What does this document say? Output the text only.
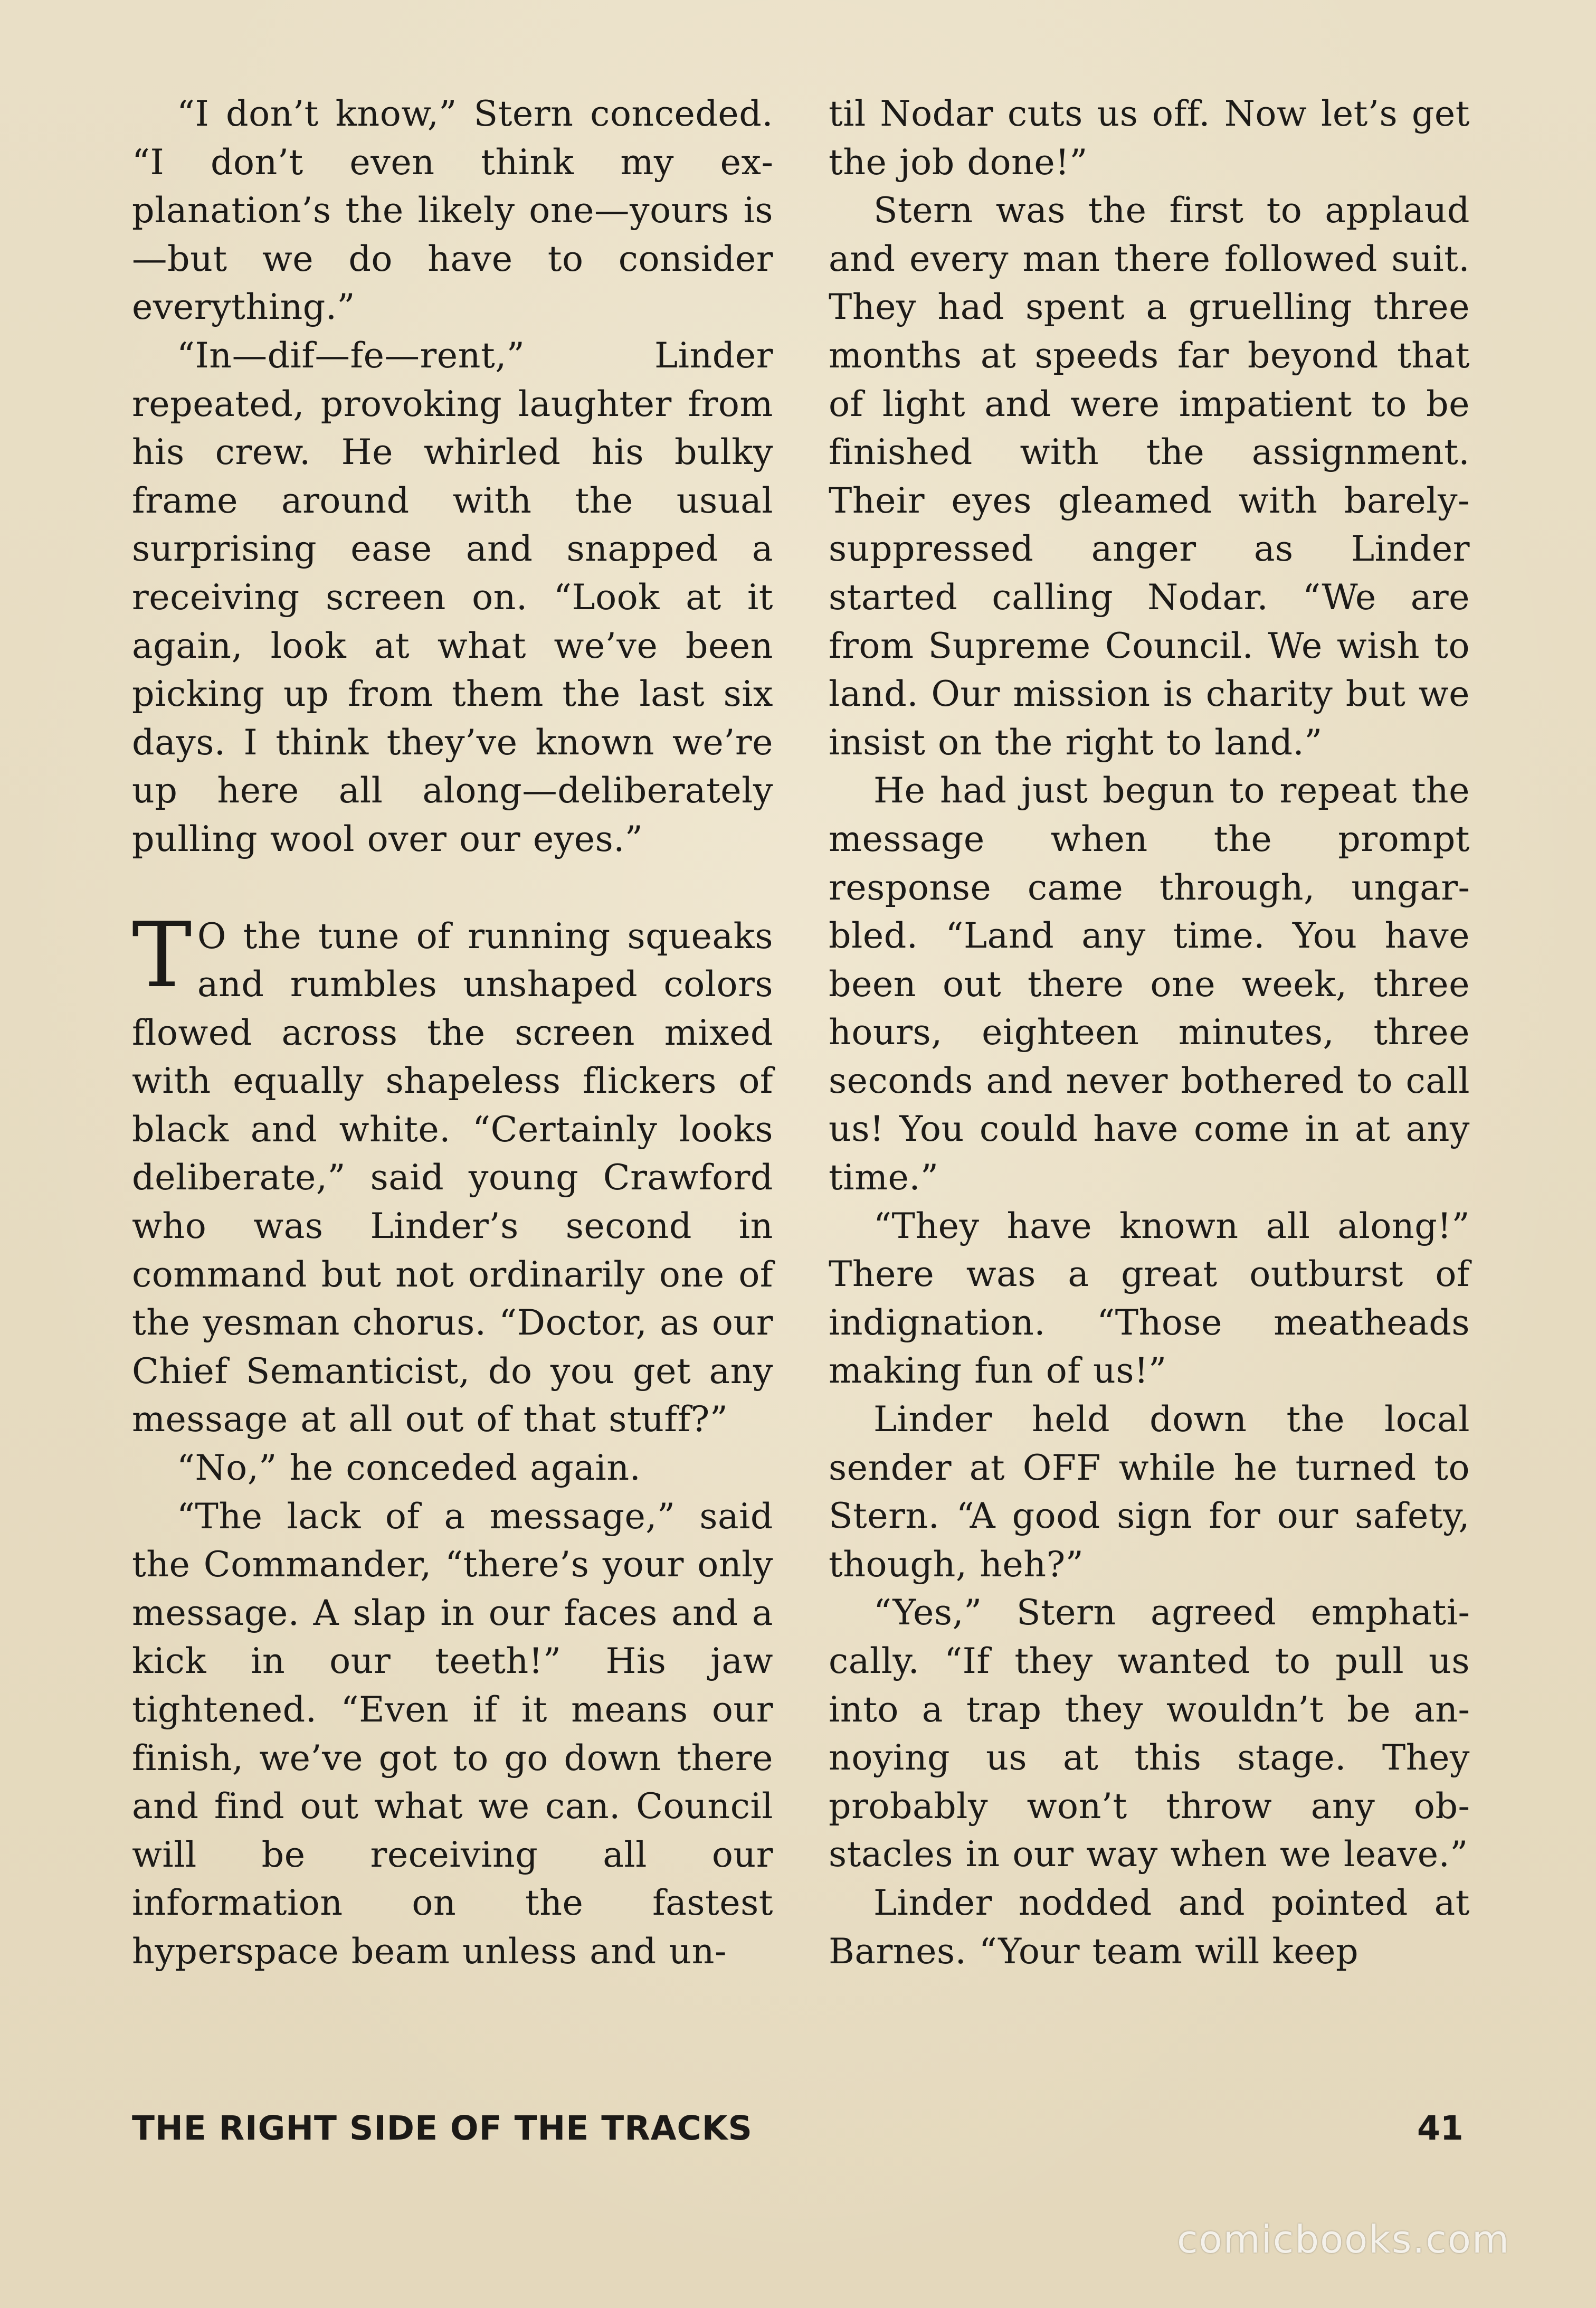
“I don’t know,” Stern conceded. “I don’t even think my explanation’s the likely one—yours is—but we do have to consider everything.”

“In—dif—fe—rent,” Linder repeated, provoking laughter from his crew. He whirled his bulky frame around with the usual surprising ease and snapped a receiving screen on. “Look at it again, look at what we’ve been picking up from them the last six days. I think they’ve known we’re up here all along—deliberately pulling wool over our eyes.”

T O the tune of running squeaks and rumbles unshaped colors flowed across the screen mixed with equally shapeless flickers of black and white. “Certainly looks deliberate,” said young Crawford who was Linder’s second in command but not ordinarily one of the yesman chorus. “Doctor, as our Chief Semanticist, do you get any message at all out of that stuff?”

“No,” he conceded again.

“The lack of a message,” said the Commander, “there’s your only message. A slap in our faces and a kick in our teeth!” His jaw tightened. “Even if it means our finish, we’ve got to go down there and find out what we can. Council will be receiving all our information on the fastest hyperspace beam unless and un-

til Nodar cuts us off. Now let’s get the job done!”

Stern was the first to applaud and every man there followed suit. They had spent a gruelling three months at speeds far beyond that of light and were impatient to be finished with the assignment. Their eyes gleamed with barely-suppressed anger as Linder started calling Nodar. “We are from Supreme Council. We wish to land. Our mission is charity but we insist on the right to land.”

He had just begun to repeat the message when the prompt response came through, ungarbled. “Land any time. You have been out there one week, three hours, eighteen minutes, three seconds and never bothered to call us! You could have come in at any time.”

“They have known all along!” There was a great outburst of indignation. “Those meatheads making fun of us!”

Linder held down the local sender at OFF while he turned to Stern. “A good sign for our safety, though, heh?”

“Yes,” Stern agreed emphatically. “If they wanted to pull us into a trap they wouldn’t be annoying us at this stage. They probably won’t throw any obstacles in our way when we leave.”

Linder nodded and pointed at Barnes. “Your team will keep

THE RIGHT SIDE OF THE TRACKS	41
comicbooks.com
